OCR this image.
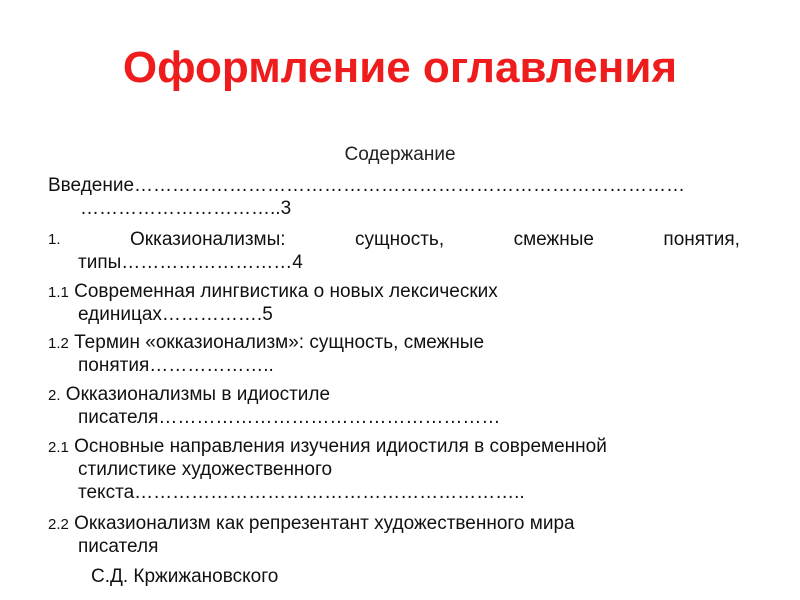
Оформление оглавления
Содержание
Введение……………………………………………………………………………
…………………………..3
1.	Окказионализмы:	сущность,	смежные	понятия,
типы………………………4
1.1 Современная лингвистика о новых лексических
единицах…………….5
1.2 Термин «окказионализм»: сущность, смежные
понятия………………..
2. Окказионализмы в идиостиле
писателя………………………………………………
2.1 Основные направления изучения идиостиля в современной
стилистике художественного
текста……………………………………………………..
2.2 Окказионализм как репрезентант художественного мира
писателя
С.Д. Кржижановского
